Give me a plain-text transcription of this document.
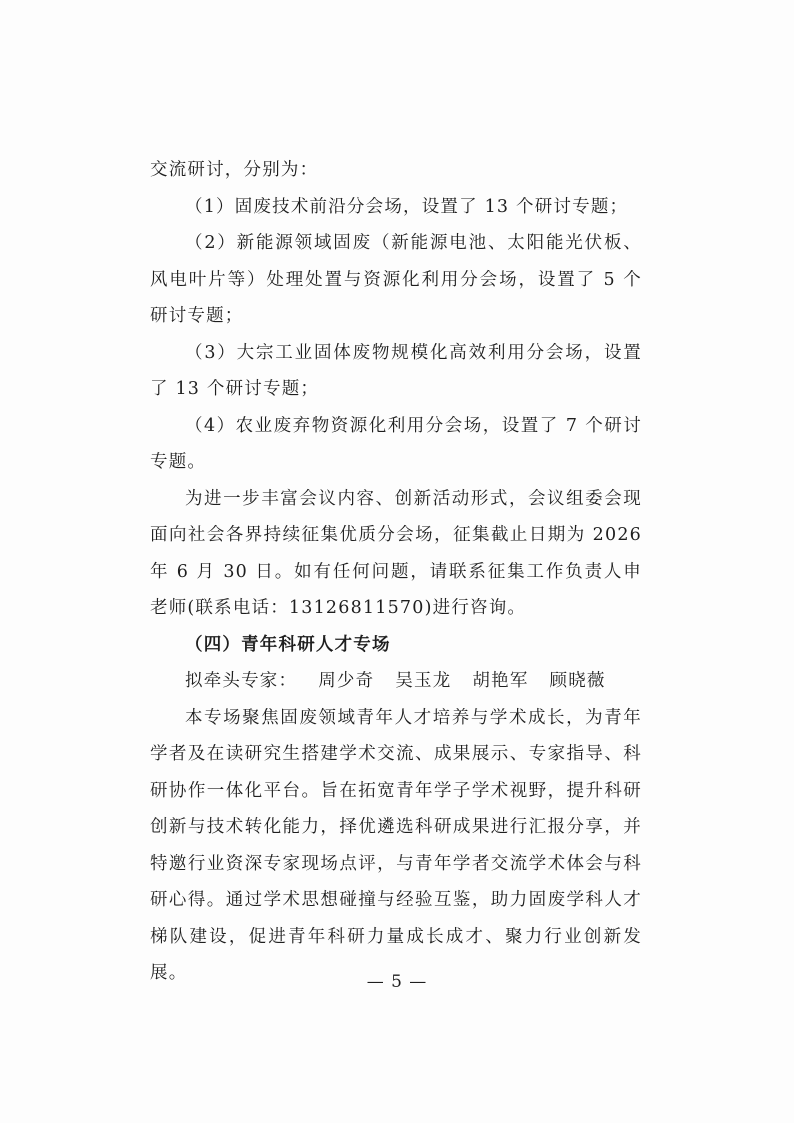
交流研讨，分别为：

（1）固废技术前沿分会场，设置了 13 个研讨专题；

（2）新能源领域固废（新能源电池、太阳能光伏板、风电叶片等）处理处置与资源化利用分会场，设置了 5 个研讨专题；

（3）大宗工业固体废物规模化高效利用分会场，设置了 13 个研讨专题；

（4）农业废弃物资源化利用分会场，设置了 7 个研讨专题。

为进一步丰富会议内容、创新活动形式，会议组委会现面向社会各界持续征集优质分会场，征集截止日期为 2026 年 6 月 30 日。如有任何问题，请联系征集工作负责人申老师(联系电话：13126811570)进行咨询。

（四）青年科研人才专场

拟牵头专家： 周少奇 吴玉龙 胡艳军 顾晓薇

本专场聚焦固废领域青年人才培养与学术成长，为青年学者及在读研究生搭建学术交流、成果展示、专家指导、科研协作一体化平台。旨在拓宽青年学子学术视野，提升科研创新与技术转化能力，择优遴选科研成果进行汇报分享，并特邀行业资深专家现场点评，与青年学者交流学术体会与科研心得。通过学术思想碰撞与经验互鉴，助力固废学科人才梯队建设，促进青年科研力量成长成才、聚力行业创新发展。	— 5 —
